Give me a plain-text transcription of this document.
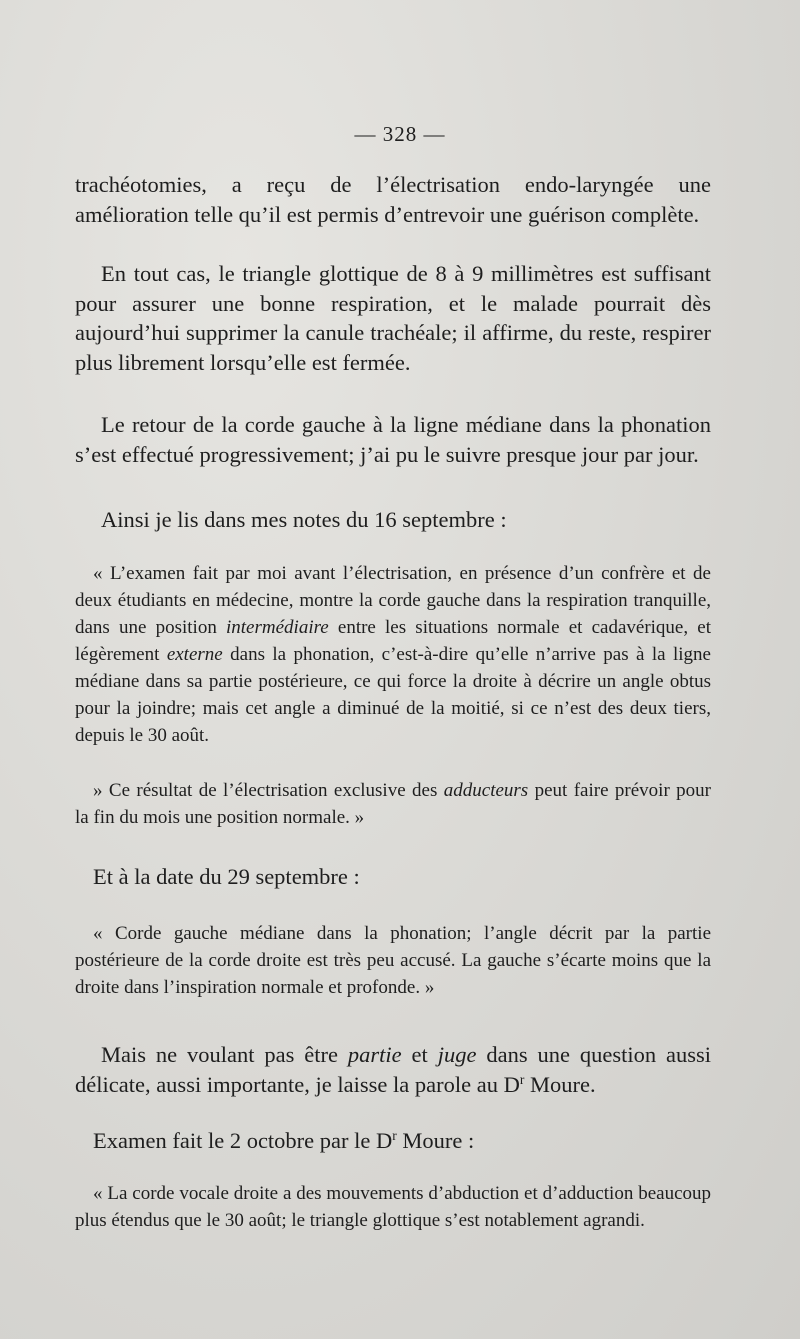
— 328 —

trachéotomies, a reçu de l’électrisation endo-laryngée une amélioration telle qu’il est permis d’entrevoir une guérison complète.

En tout cas, le triangle glottique de 8 à 9 millimètres est suffisant pour assurer une bonne respiration, et le malade pourrait dès aujourd’hui supprimer la canule trachéale; il affirme, du reste, respirer plus librement lorsqu’elle est fermée.

Le retour de la corde gauche à la ligne médiane dans la phonation s’est effectué progressivement; j’ai pu le suivre presque jour par jour.

Ainsi je lis dans mes notes du 16 septembre :

« L’examen fait par moi avant l’électrisation, en présence d’un confrère et de deux étudiants en médecine, montre la corde gauche dans la respiration tranquille, dans une position intermédiaire entre les situations normale et cadavérique, et légèrement externe dans la phonation, c’est-à-dire qu’elle n’arrive pas à la ligne médiane dans sa partie postérieure, ce qui force la droite à décrire un angle obtus pour la joindre; mais cet angle a diminué de la moitié, si ce n’est des deux tiers, depuis le 30 août.

» Ce résultat de l’électrisation exclusive des adducteurs peut faire prévoir pour la fin du mois une position normale. »

Et à la date du 29 septembre :

« Corde gauche médiane dans la phonation; l’angle décrit par la partie postérieure de la corde droite est très peu accusé. La gauche s’écarte moins que la droite dans l’inspiration normale et profonde. »

Mais ne voulant pas être partie et juge dans une question aussi délicate, aussi importante, je laisse la parole au $D^r$ Moure.

Examen fait le 2 octobre par le $D^r$ Moure :

« La corde vocale droite a des mouvements d’abduction et d’adduction beaucoup plus étendus que le 30 août; le triangle glottique s’est notablement agrandi.
